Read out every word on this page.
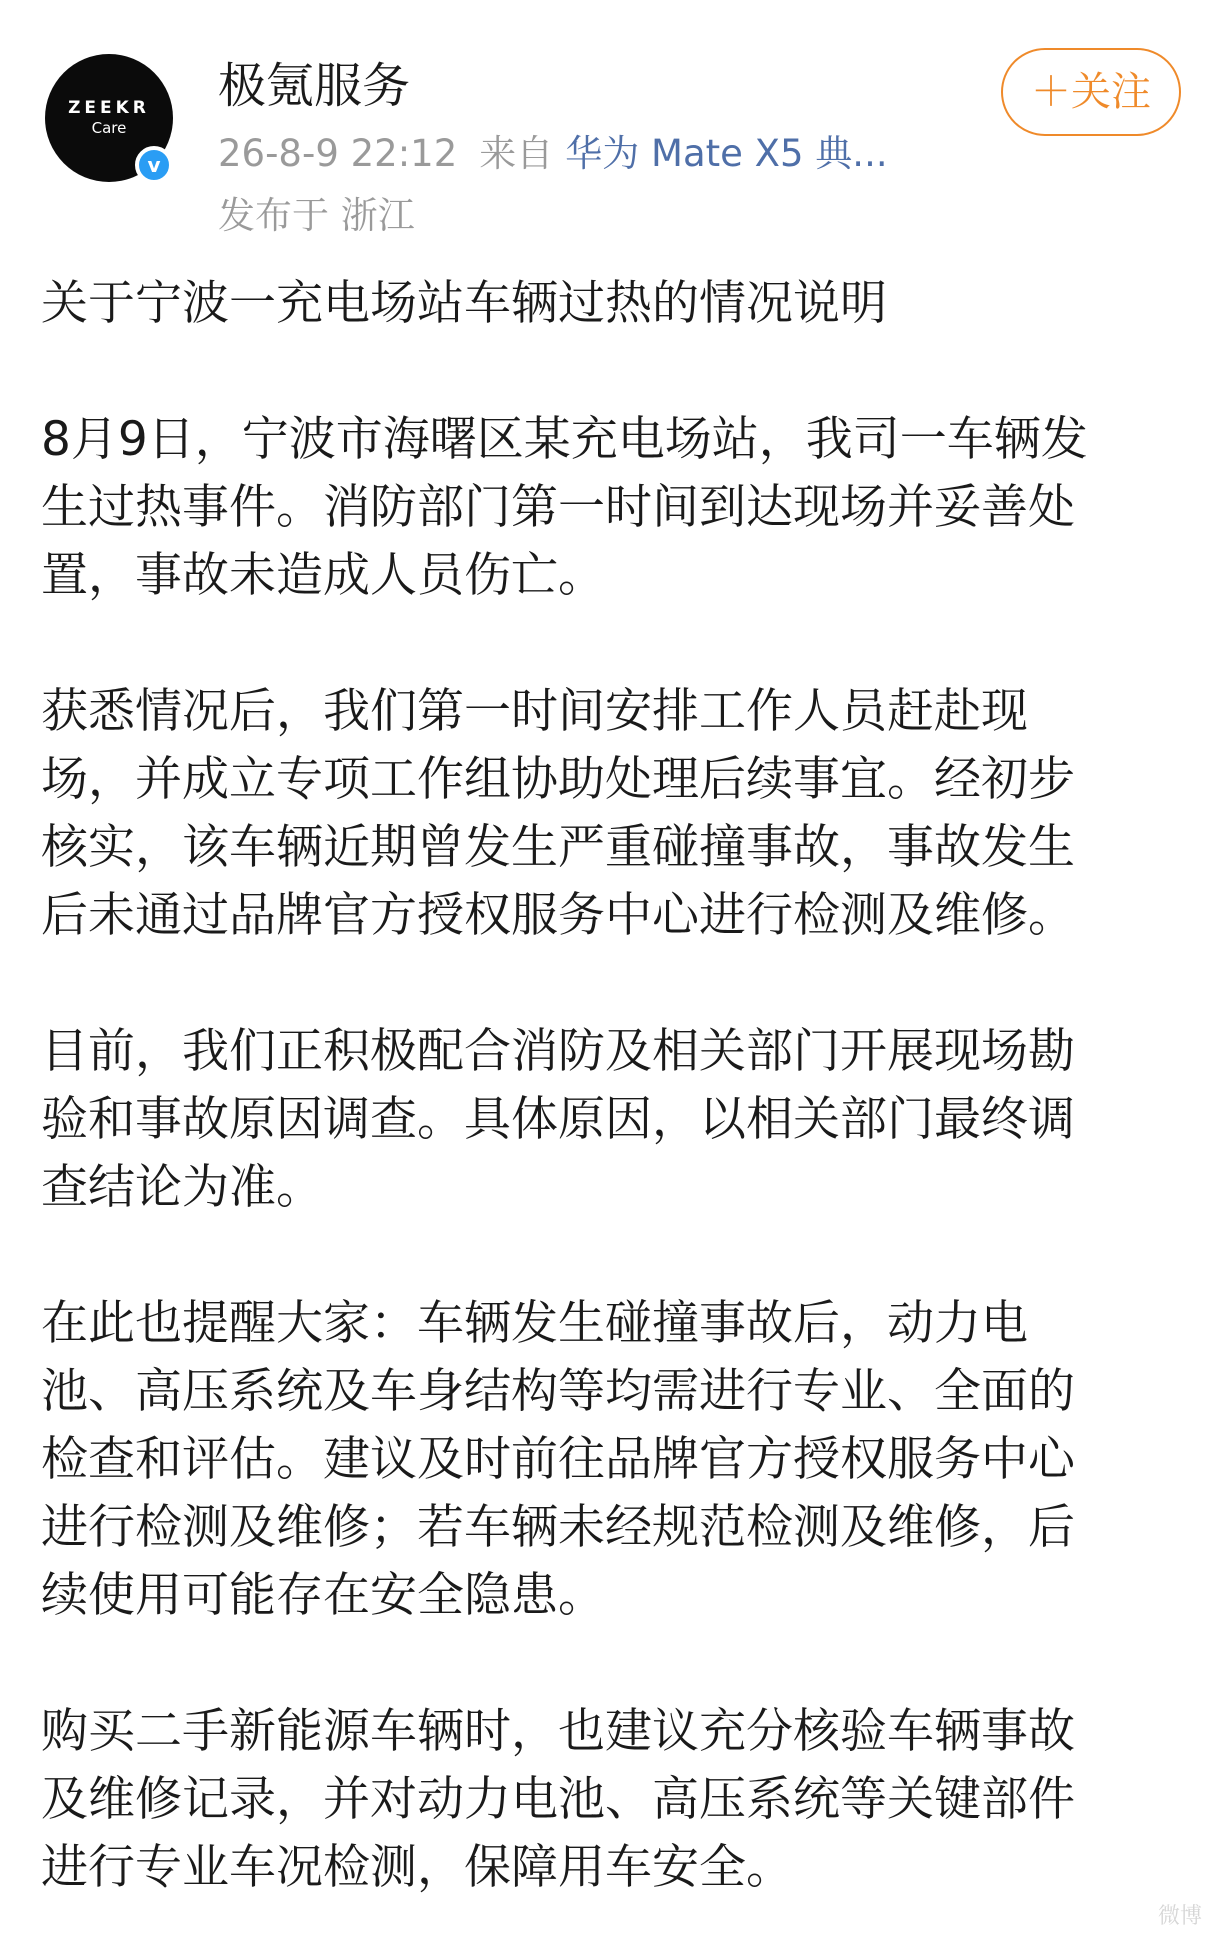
ZEEKR
Care
v
极氪服务
26-8-9 22:12 来自 华为 Mate X5 典...
发布于 浙江
＋关注
关于宁波一充电场站车辆过热的情况说明
8月9日，宁波市海曙区某充电场站，我司一车辆发
生过热事件。消防部门第一时间到达现场并妥善处
置，事故未造成人员伤亡。
获悉情况后，我们第一时间安排工作人员赶赴现
场，并成立专项工作组协助处理后续事宜。经初步
核实，该车辆近期曾发生严重碰撞事故，事故发生
后未通过品牌官方授权服务中心进行检测及维修。
目前，我们正积极配合消防及相关部门开展现场勘
验和事故原因调查。具体原因，以相关部门最终调
查结论为准。
在此也提醒大家：车辆发生碰撞事故后，动力电
池、高压系统及车身结构等均需进行专业、全面的
检查和评估。建议及时前往品牌官方授权服务中心
进行检测及维修；若车辆未经规范检测及维修，后
续使用可能存在安全隐患。
购买二手新能源车辆时，也建议充分核验车辆事故
及维修记录，并对动力电池、高压系统等关键部件
进行专业车况检测，保障用车安全。
微博
